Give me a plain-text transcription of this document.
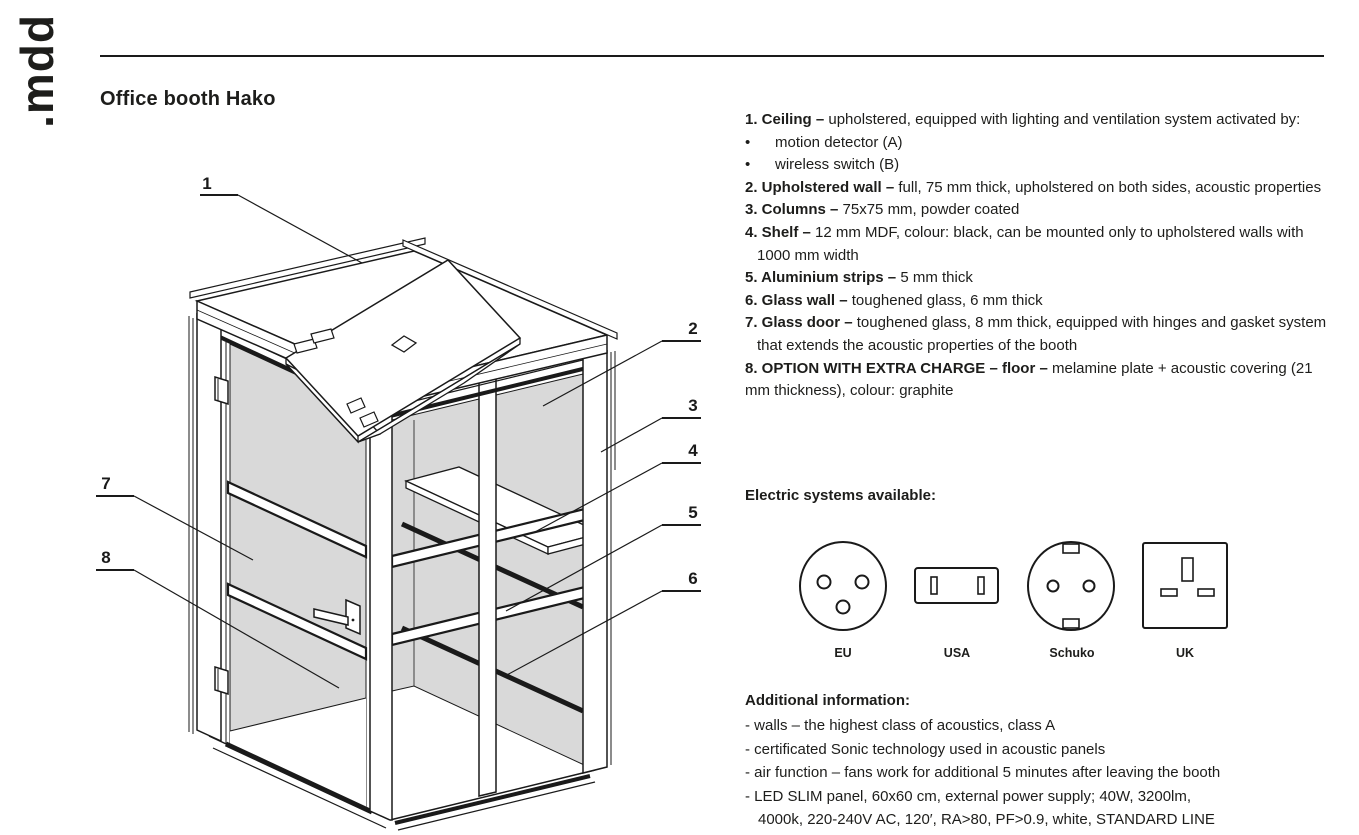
.mdd	Office booth Hako
1
2
3
4
5
6
7
8
1. Ceiling – upholstered, equipped with lighting and ventilation system activated by:
•	motion detector (A)
•	wireless switch (B)
2. Upholstered wall – full, 75 mm thick, upholstered on both sides, acoustic properties
3. Columns – 75x75 mm, powder coated
4. Shelf – 12 mm MDF, colour: black, can be mounted only to upholstered walls with 1000 mm width
5. Aluminium strips – 5 mm thick
6. Glass wall – toughened glass, 6 mm thick
7. Glass door – toughened glass, 8 mm thick, equipped with hinges and gasket system that extends the acoustic properties of the booth
8. OPTION WITH EXTRA CHARGE – floor – melamine plate + acoustic covering (21 mm thickness), colour: graphite
Electric systems available:
EU	USA	Schuko	UK
Additional information:
- walls – the highest class of acoustics, class A
- certificated Sonic technology used in acoustic panels
- air function – fans work for additional 5 minutes after leaving the booth
- LED SLIM panel, 60x60 cm, external power supply; 40W, 3200lm,
4000k, 220-240V AC, 120′, RA>80, PF>0.9, white, STANDARD LINE
